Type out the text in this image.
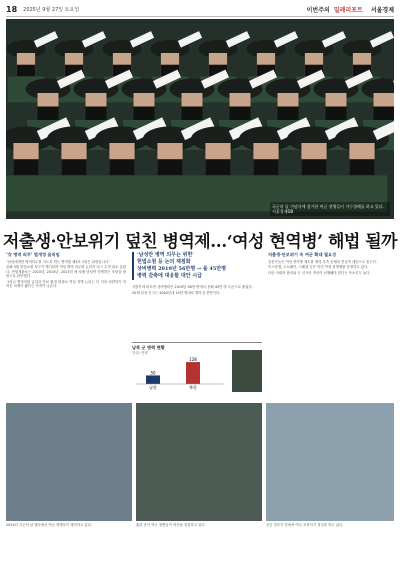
18 2025년 9월 27일 토요일	이번주의 밀레리포트 서울경제
국군의 날 기념식에 참가한 여군 장병들이 거수경례를 하고 있다. 서울경제DB
저출생·안보위기 덮친 병역제…‘여성 현역병’ 해법 될까
‘女 병역 의무’ 법개정 움직임

“남성에게만 병역의무를 지도록 하는 병역법 제3조 1항은 위헌입니다.”

올해 3월 헌법소원 청구가 제기되며 여성 병역 의무화 논의가 다시 수면 위로 올랐다. 헌법재판소는 2010년, 2014년, 2023년 세 차례 남성만 징병하는 조항을 합헌으로 판단했다.

그러나 병역자원 급감과 안보 환경 변화로 여성 징병 논의는 더 이상 외면하기 어려운 과제가 됐다는 지적이 나온다.

‘남성만 병역 의무는 위헌’
헌법소원 등 논의 재점화
상비병력 2019년 56만명 → 올 45만명
병력 감축에 대응할 대안 시급

국방부에 따르면 상비병력은 2019년 56만 명에서 올해 45만 명 수준으로 줄었다.

20세 남성 인구는 2040년대 10만 명대로 떨어질 전망이다.

남북 군 병력 현황
단위: 만명
남한
50
북한
128
저출생·안보위기 속 여군 확대 필요성

전문가들은 여성 현역병 제도를 병력 부족 문제의 현실적 대안으로 꼽는다.

이스라엘, 노르웨이, 스웨덴 등은 이미 여성 징병제를 운영하고 있다.

다만 사회적 합의와 군 인프라 개선이 선행돼야 한다는 목소리도 높다.

2024년 국군의 날 행사에서 여군 장병들이 행진하고 있다.	훈련 중인 여군 장병들이 작전을 점검하고 있다.	공군 전투기 앞에서 여군 조종사가 점검을 하고 있다.
